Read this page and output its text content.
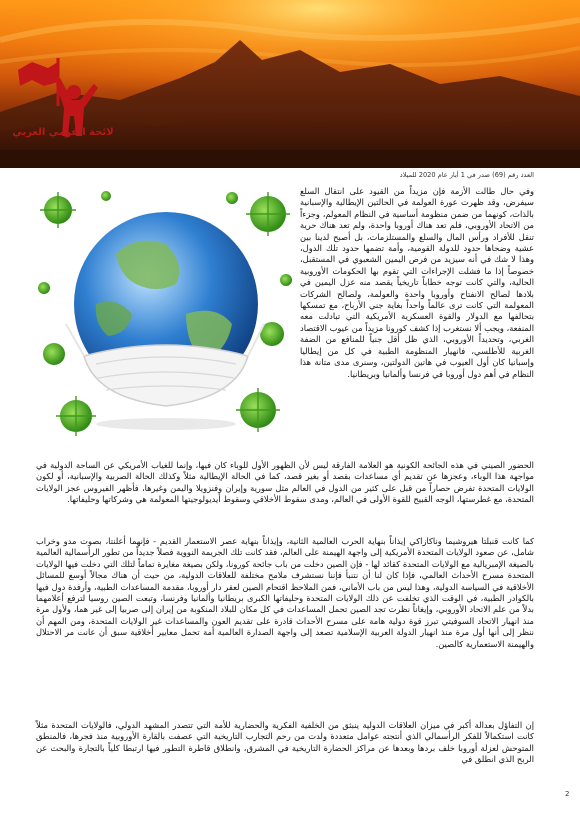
لائحة القومي العربي
العدد رقم (69) صدر في 1 أيار عام 2020 للميلاد

وفي حال طالت الأزمة فإن مزيداً من القيود على انتقال السلع سيفرض، وقد ظهرت عورة العولمة في الحالتين الإيطالية والإسبانية بالذات، كونهما من ضمن منظومة أساسية في النظام المعولم، وجزءاً من الاتحاد الأوروبي، فلم تعد هناك أوروبا واحدة، ولم تعد هناك حرية تنقل للأفراد ورأس المال والسلع والمستلزمات، بل أصبح لدينا بين عشية وضحاها حدود للدولة القومية، وأمة تضمها حدود تلك الدول، وهذا لا شك في أنه سيزيد من فرص اليمين الشعبوي في المستقبل، خصوصاً إذا ما فشلت الإجراءات التي تقوم بها الحكومات الأوروبية الحالية، والتي كانت توجه خطاباً تاريخياً يقصد منه عزل اليمين في بلادها لصالح الانفتاح وأوروبا واحدة والعولمة، ولصالح الشركات المعولمة التي كانت ترى عالماً واحداً بغاية جني الأرباح، مع تمسكها بتحالفها مع الدولار والقوة العسكرية الأمريكية التي تبادلت معه المنفعة، ويجب ألا نستغرب إذا كشف كورونا مزيداً من عيوب الاقتصاد الغربي، وتحديداً الأوروبي، الذي ظل أقل جنياً للمنافع من الضفة الغربية للأطلسي، فانهيار المنظومة الطبية في كل من إيطاليا وإسبانيا كان أول العيوب في هاتين الدولتين، وسنرى مدى متانة هذا النظام في أهم دول أوروبا في فرنسا وألمانيا وبريطانيا.

الحضور الصيني في هذه الجائحة الكونية هو العلامة الفارقة ليس لأن الظهور الأول للوباء كان فيها، وإنما للغياب الأمريكي عن الساحة الدولية في مواجهة هذا الوباء، وعجزها عن تقديم أي مساعدات بقصد أو بغير قصد، كما في الحالة الإيطالية مثلاً وكذلك الحالة الصربية والإسبانية، أو لكون الولايات المتحدة تفرض حصاراً من قبل على كثير من الدول في العالم مثل سورية وإيران وفنزويلا واليمن وغيرها، فأظهر الفيروس عجز الولايات المتحدة، مع غطرستها، الوجه القبيح للقوة الأولى في العالم، ومدى سقوط الأخلاقي وسقوط أيديولوجيتها المعولمة هي وشركاتها وحليفاتها.

كما كانت قنبلتا هيروشيما وناكازاكي إيذاناً بنهاية الحرب العالمية الثانية، وإيذاناً بنهاية عصر الاستعمار القديم - فإنهما أعلنتا، بصوت مدو وخراب شامل، عن صعود الولايات المتحدة الأمريكية إلى واجهة الهيمنة على العالم، فقد كانت تلك الجريمة النووية فصلاً جديداً من تطور الرأسمالية العالمية بالصيغة الإمبريالية مع الولايات المتحدة كقائد لها - فإن الصين دخلت من باب جائحة كورونا، ولكن بصيغة مغايرة تماماً لتلك التي دخلت فيها الولايات المتحدة مسرح الأحداث العالمي، فإذا كان لنا أن نتنبأ فإننا نستشرف ملامح مختلفة للعلاقات الدولية، من حيث أن هناك مجالاً أوسع للمسائل الأخلاقية في السياسة الدولية، وهذا ليس من باب الأماني، فمن الملاحظ اقتحام الصين لعقر دار أوروبا، مقدمة المساعدات الطبية، وأرفدة دول فيها بالكوادر الطبية، في الوقت الذي تخلفت عن ذلك الولايات المتحدة وحليفاتها الكبرى بريطانيا وألمانيا وفرنسا، وتبعت الصين روسيا لترفع أعلامهما بدلاً من علم الاتحاد الأوروبي، وإيغاناً نظرت تجد الصين تحمل المساعدات في كل مكان للبلاد المنكوبة من إيران إلى صربيا إلى غير هما، ولأول مرة منذ انهيار الاتحاد السوفيتي تبرز قوة دولية هامة على مسرح الأحداث قادرة على تقديم العون والمساعدات غير الولايات المتحدة، ومن المهم أن ننظر إلى أنها أول مرة منذ انهيار الدولة العربية الإسلامية تصعد إلى واجهة الصدارة العالمية أمة تحمل معايير أخلاقية سبق أن عانت مر الاحتلال والهيمنة الاستعمارية كالصين.

إن التفاؤل بعدالة أكبر في ميزان العلاقات الدولية ينبثق من الخلفية الفكرية والحضارية للأمة التي تتصدر المشهد الدولي، فالولايات المتحدة مثلاً كانت استكمالاً للفكر الرأسمالي الذي أنتجته عوامل متعددة ولدت من رحم التجارب التاريخية التي عصفت بالقارة الأوروبية منذ فجرها، فالمنطق المتوحش لعزلة أوروبا خلف بردها وبعدها عن مراكز الحضارة التاريخية في المشرق، وانطلاق قاطرة التطور فيها ارتبطا كلياً بالتجارة والبحث عن الربح الذي انطلق في

2
